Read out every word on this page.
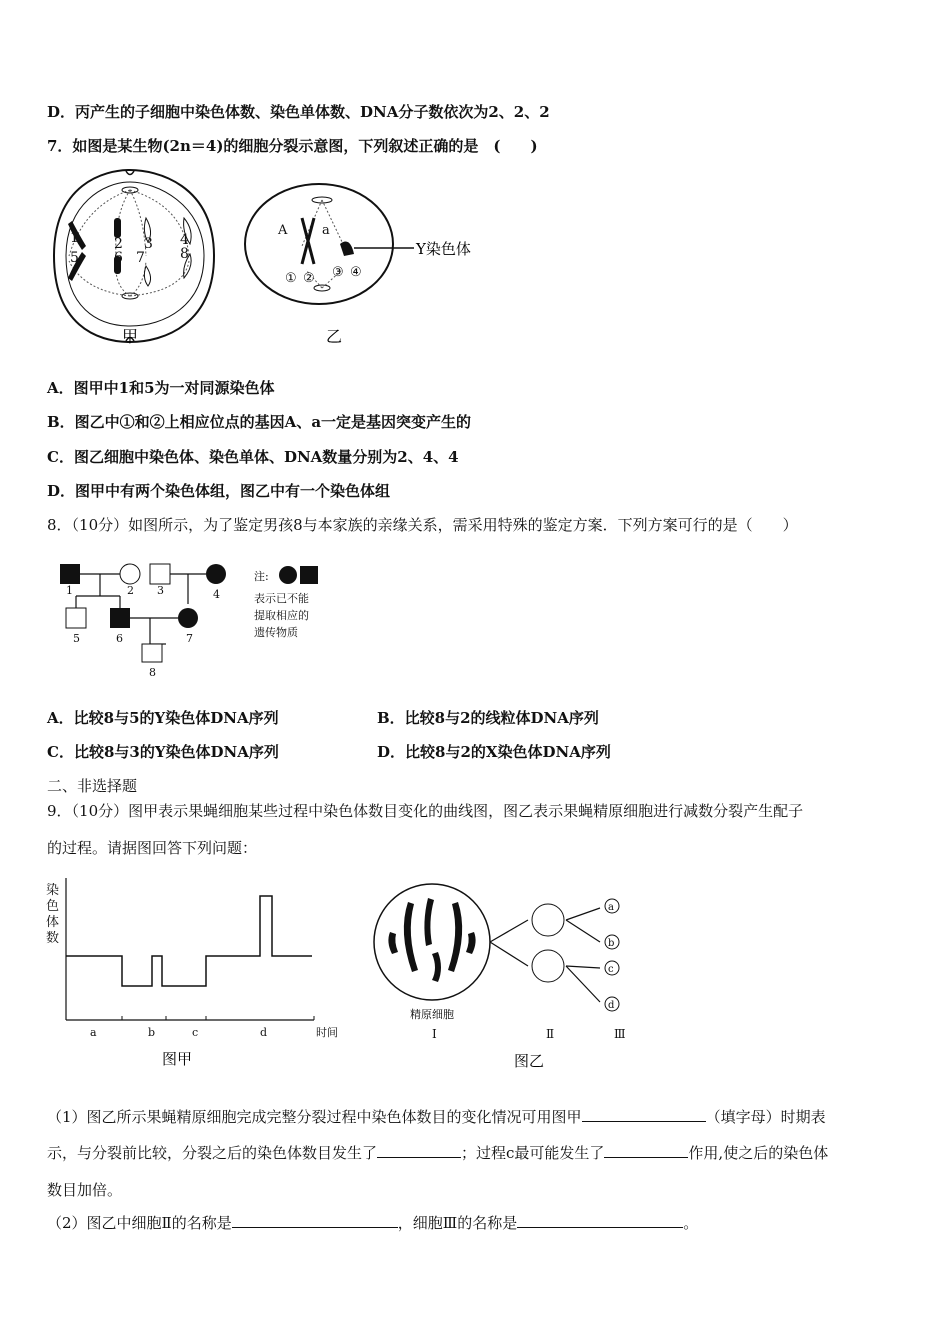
D．丙产生的子细胞中染色体数、染色单体数、DNA分子数依次为2、2、2
7．如图是某生物(2n＝4)的细胞分裂示意图，下列叙述正确的是　(　　)
1
5
2
6
3
7
4
8
甲
A	a
① ② ③ ④
Y染色体
乙
A．图甲中1和5为一对同源染色体
B．图乙中①和②上相应位点的基因A、a一定是基因突变产生的
C．图乙细胞中染色体、染色单体、DNA数量分别为2、4、4
D．图甲中有两个染色体组，图乙中有一个染色体组
8．（10分）如图所示，为了鉴定男孩8与本家族的亲缘关系，需采用特殊的鉴定方案．下列方案可行的是（　　）
1	2 3	4
5	6	7
8
注:
表示已不能
提取相应的
遗传物质
A．比较8与5的Y染色体DNA序列	B．比较8与2的线粒体DNA序列
C．比较8与3的Y染色体DNA序列	D．比较8与2的X染色体DNA序列
二、非选择题
9．（10分）图甲表示果蝇细胞某些过程中染色体数目变化的曲线图，图乙表示果蝇精原细胞进行减数分裂产生配子
的过程。请据图回答下列问题：
染
色
体
数
a	b	c	d	时间
图甲
a
b
c
d
精原细胞
Ⅰ	Ⅱ	Ⅲ
图乙
（1）图乙所示果蝇精原细胞完成完整分裂过程中染色体数目的变化情况可用图甲	（填字母）时期表
示，与分裂前比较，分裂之后的染色体数目发生了	；过程c最可能发生了	作用,使之后的染色体
数目加倍。
（2）图乙中细胞Ⅱ的名称是	，细胞Ⅲ的名称是	。
